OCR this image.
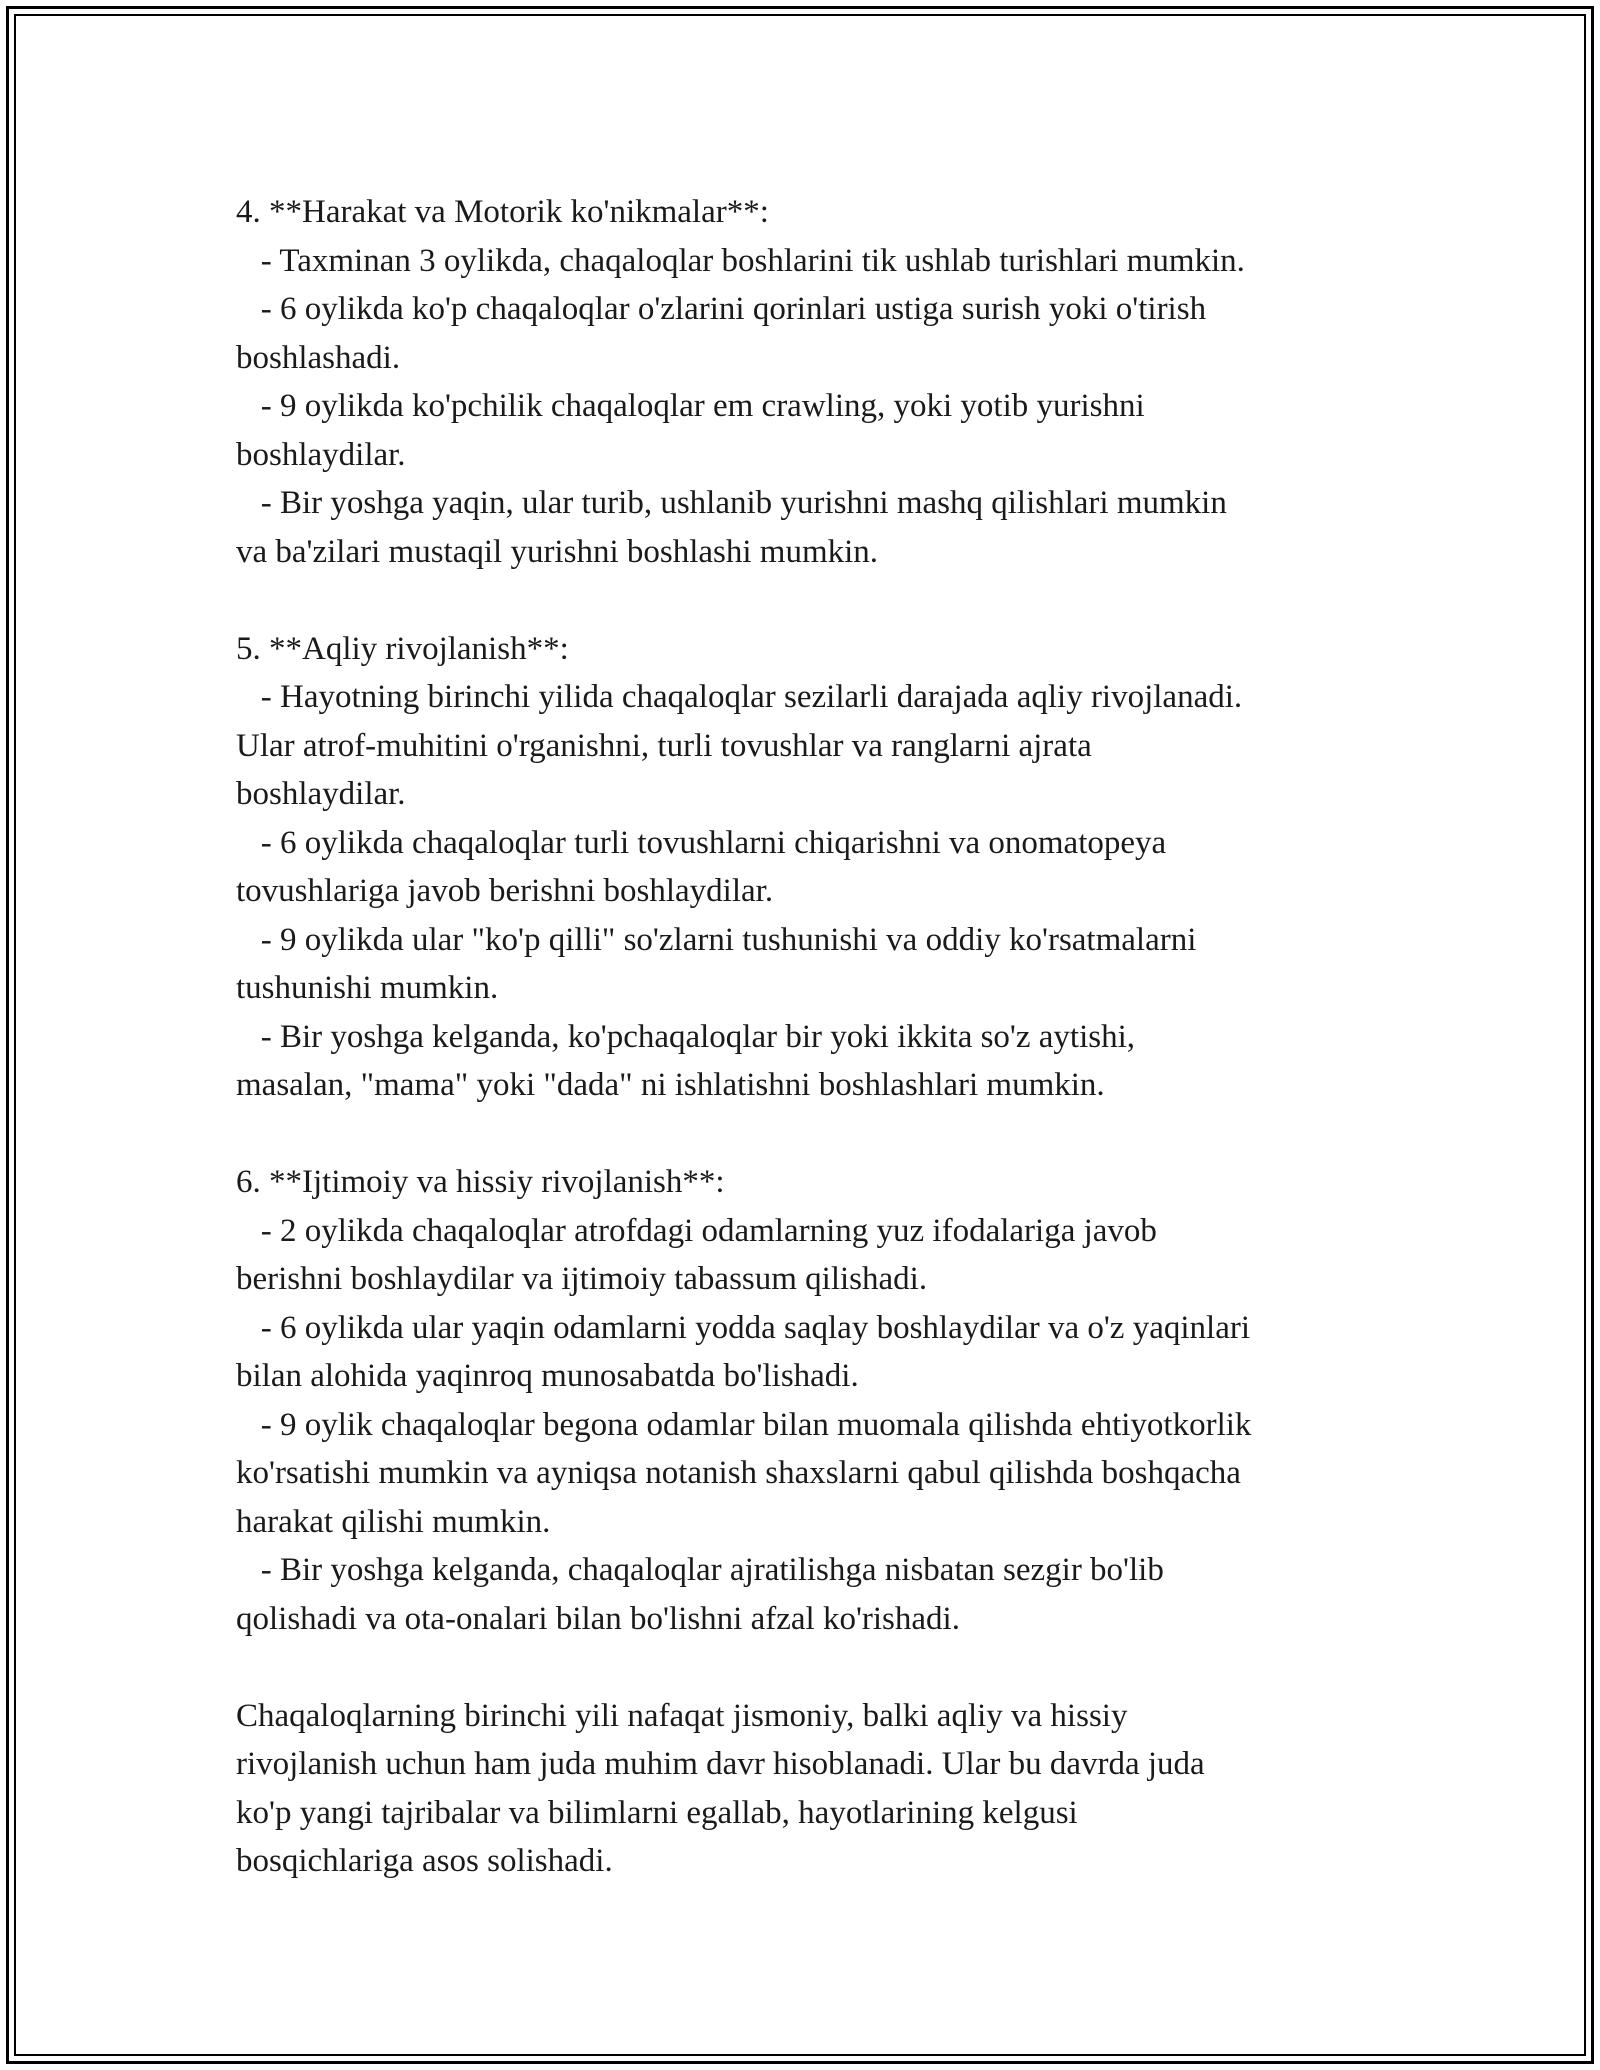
4. **Harakat va Motorik ko'nikmalar**:
- Taxminan 3 oylikda, chaqaloqlar boshlarini tik ushlab turishlari mumkin.
- 6 oylikda ko'p chaqaloqlar o'zlarini qorinlari ustiga surish yoki o'tirish
boshlashadi.
- 9 oylikda ko'pchilik chaqaloqlar em crawling, yoki yotib yurishni
boshlaydilar.
- Bir yoshga yaqin, ular turib, ushlanib yurishni mashq qilishlari mumkin
va ba'zilari mustaqil yurishni boshlashi mumkin.
5. **Aqliy rivojlanish**:
- Hayotning birinchi yilida chaqaloqlar sezilarli darajada aqliy rivojlanadi.
Ular atrof-muhitini o'rganishni, turli tovushlar va ranglarni ajrata
boshlaydilar.
- 6 oylikda chaqaloqlar turli tovushlarni chiqarishni va onomatopeya
tovushlariga javob berishni boshlaydilar.
- 9 oylikda ular "ko'p qilli" so'zlarni tushunishi va oddiy ko'rsatmalarni
tushunishi mumkin.
- Bir yoshga kelganda, ko'pchaqaloqlar bir yoki ikkita so'z aytishi,
masalan, "mama" yoki "dada" ni ishlatishni boshlashlari mumkin.
6. **Ijtimoiy va hissiy rivojlanish**:
- 2 oylikda chaqaloqlar atrofdagi odamlarning yuz ifodalariga javob
berishni boshlaydilar va ijtimoiy tabassum qilishadi.
- 6 oylikda ular yaqin odamlarni yodda saqlay boshlaydilar va o'z yaqinlari
bilan alohida yaqinroq munosabatda bo'lishadi.
- 9 oylik chaqaloqlar begona odamlar bilan muomala qilishda ehtiyotkorlik
ko'rsatishi mumkin va ayniqsa notanish shaxslarni qabul qilishda boshqacha
harakat qilishi mumkin.
- Bir yoshga kelganda, chaqaloqlar ajratilishga nisbatan sezgir bo'lib
qolishadi va ota-onalari bilan bo'lishni afzal ko'rishadi.
Chaqaloqlarning birinchi yili nafaqat jismoniy, balki aqliy va hissiy
rivojlanish uchun ham juda muhim davr hisoblanadi. Ular bu davrda juda
ko'p yangi tajribalar va bilimlarni egallab, hayotlarining kelgusi
bosqichlariga asos solishadi.
